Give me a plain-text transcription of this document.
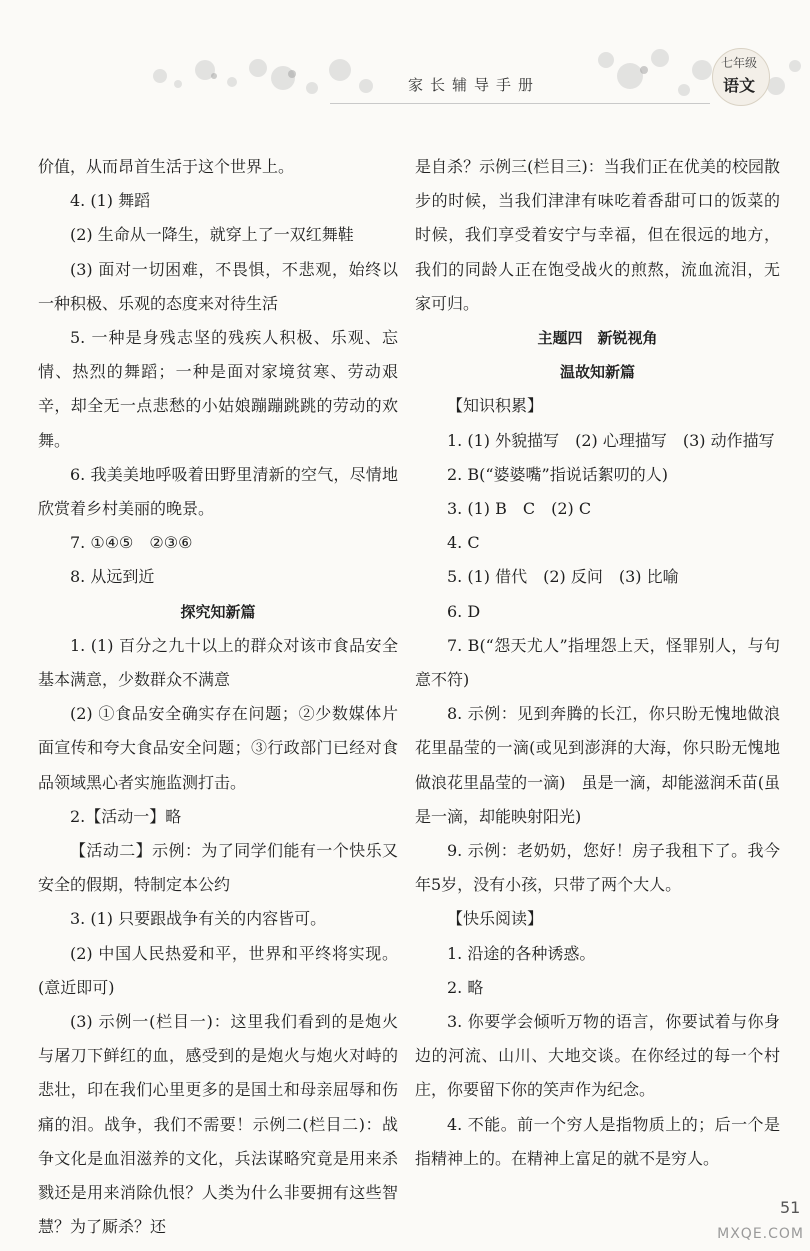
家长辅导手册
七年级
语文

价值，从而昂首生活于这个世界上。

4. (1) 舞蹈

(2) 生命从一降生，就穿上了一双红舞鞋

(3) 面对一切困难，不畏惧，不悲观，始终以一种积极、乐观的态度来对待生活

5. 一种是身残志坚的残疾人积极、乐观、忘情、热烈的舞蹈；一种是面对家境贫寒、劳动艰辛，却全无一点悲愁的小姑娘蹦蹦跳跳的劳动的欢舞。

6. 我美美地呼吸着田野里清新的空气，尽情地欣赏着乡村美丽的晚景。

7. ①④⑤　②③⑥

8. 从远到近

探究知新篇

1. (1) 百分之九十以上的群众对该市食品安全基本满意，少数群众不满意

(2) ①食品安全确实存在问题；②少数媒体片面宣传和夸大食品安全问题；③行政部门已经对食品领域黑心者实施监测打击。

2.【活动一】略

【活动二】示例：为了同学们能有一个快乐又安全的假期，特制定本公约

3. (1) 只要跟战争有关的内容皆可。

(2) 中国人民热爱和平，世界和平终将实现。(意近即可)

(3) 示例一(栏目一)：这里我们看到的是炮火与屠刀下鲜红的血，感受到的是炮火与炮火对峙的悲壮，印在我们心里更多的是国土和母亲屈辱和伤痛的泪。战争，我们不需要！示例二(栏目二)：战争文化是血泪滋养的文化，兵法谋略究竟是用来杀戮还是用来消除仇恨？人类为什么非要拥有这些智慧？为了厮杀？还

是自杀？示例三(栏目三)：当我们正在优美的校园散步的时候，当我们津津有味吃着香甜可口的饭菜的时候，我们享受着安宁与幸福，但在很远的地方，我们的同龄人正在饱受战火的煎熬，流血流泪，无家可归。

主题四　新锐视角

温故知新篇

【知识积累】

1. (1) 外貌描写　(2) 心理描写　(3) 动作描写

2. B(“婆婆嘴”指说话絮叨的人)

3. (1) B　C　(2) C

4. C

5. (1) 借代　(2) 反问　(3) 比喻

6. D

7. B(“怨天尤人”指埋怨上天，怪罪别人，与句意不符)

8. 示例：见到奔腾的长江，你只盼无愧地做浪花里晶莹的一滴(或见到澎湃的大海，你只盼无愧地做浪花里晶莹的一滴)　虽是一滴，却能滋润禾苗(虽是一滴，却能映射阳光)

9. 示例：老奶奶，您好！房子我租下了。我今年5岁，没有小孩，只带了两个大人。

【快乐阅读】

1. 沿途的各种诱惑。

2. 略

3. 你要学会倾听万物的语言，你要试着与你身边的河流、山川、大地交谈。在你经过的每一个村庄，你要留下你的笑声作为纪念。

4. 不能。前一个穷人是指物质上的；后一个是指精神上的。在精神上富足的就不是穷人。

51
MXQE.COM
